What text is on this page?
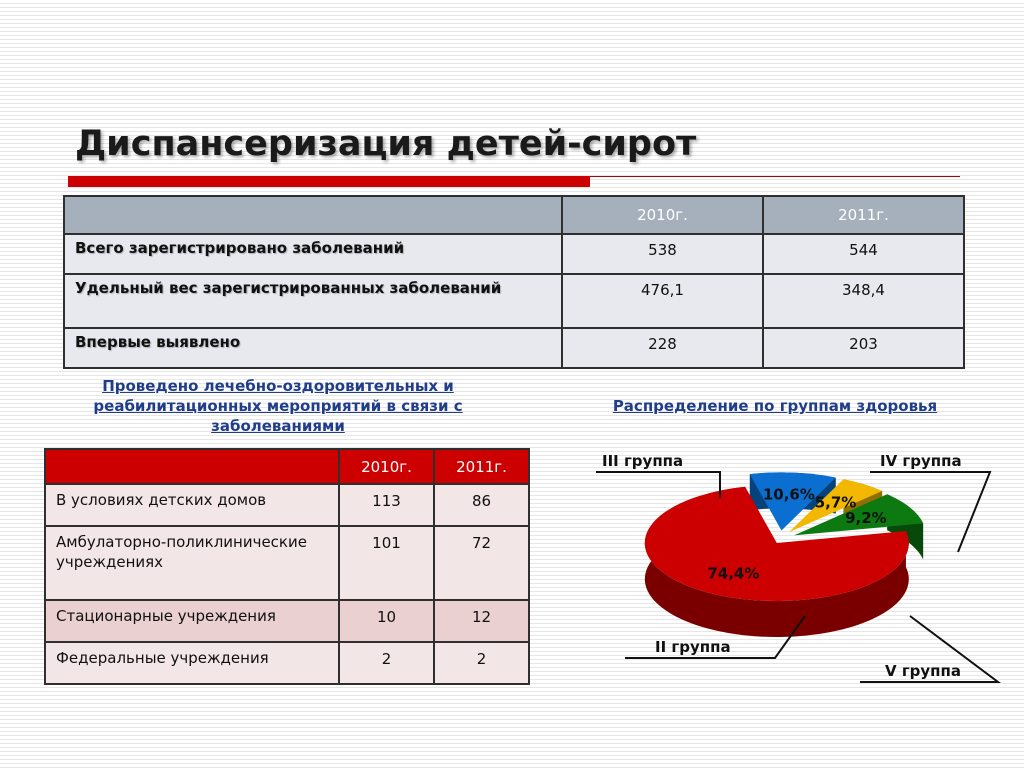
Диспансеризация детей-сирот
	2010г.	2011г.
Всего зарегистрировано заболеваний	538	544
Удельный вес зарегистрированных заболеваний	476,1	348,4
Впервые выявлено	228	203
Проведено лечебно-оздоровительных и реабилитационных мероприятий в связи с заболеваниями
Распределение по группам здоровья
	2010г.	2011г.
В условиях детских домов	113	86
Амбулаторно-поликлинические учреждениях	101	72
Стационарные учреждения	10	12
Федеральные учреждения	2	2
74,4%
10,6% 5,7%
9,2%
III группа	IV группа
V группа
II группа
